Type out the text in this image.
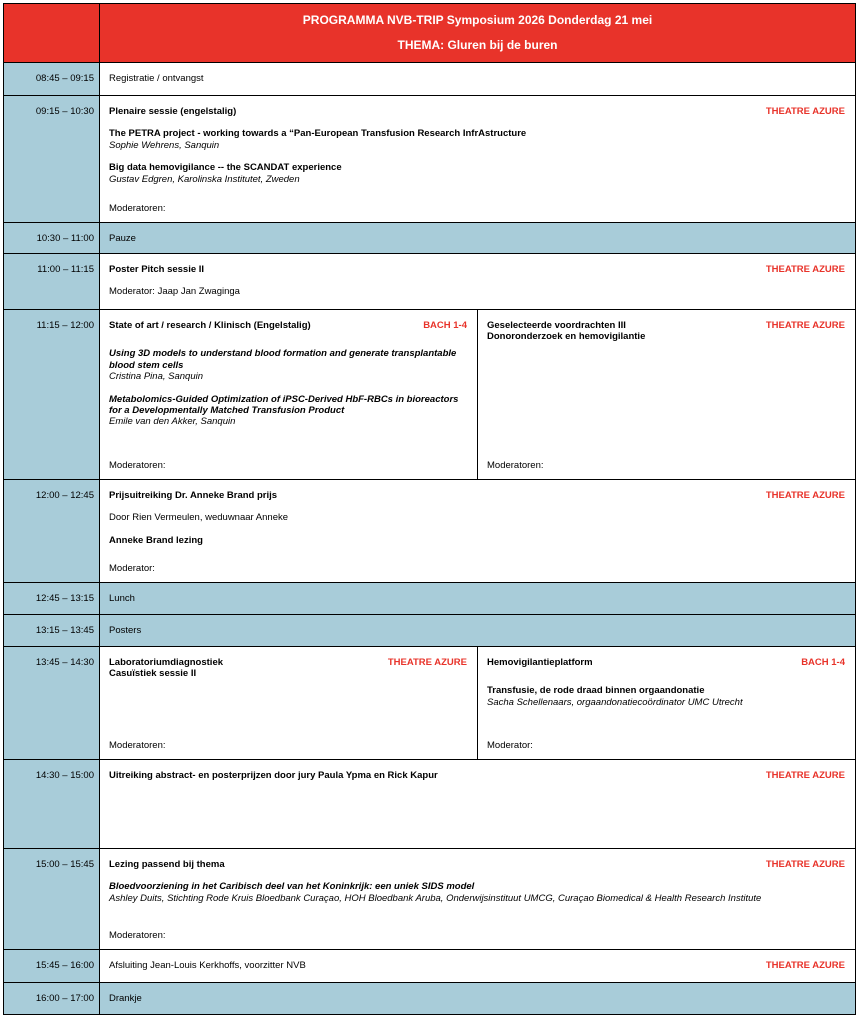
PROGRAMMA NVB-TRIP Symposium 2026 Donderdag 21 mei
THEMA: Gluren bij de buren
08:45 – 09:15	Registratie / ontvangst
09:15 – 10:30	Plenaire sessie (engelstalig)	THEATRE AZURE
The PETRA project - working towards a “Pan-European Transfusion Research InfrAstructure
Sophie Wehrens, Sanquin
Big data hemovigilance -- the SCANDAT experience
Gustav Edgren, Karolinska Institutet, Zweden
Moderatoren:
10:30 – 11:00	Pauze
11:00 – 11:15	Poster Pitch sessie II	THEATRE AZURE
Moderator: Jaap Jan Zwaginga
11:15 – 12:00	State of art / research / Klinisch (Engelstalig)	BACH 1-4
Using 3D models to understand blood formation and generate transplantable blood stem cells
Cristina Pina, Sanquin
Metabolomics-Guided Optimization of iPSC-Derived HbF-RBCs in bioreactors for a Developmentally Matched Transfusion Product
Emile van den Akker, Sanquin
Moderatoren:
Geselecteerde voordrachten III
Donoronderzoek en hemovigilantie
THEATRE AZURE
Moderatoren:
12:00 – 12:45	Prijsuitreiking Dr. Anneke Brand prijs	THEATRE AZURE
Door Rien Vermeulen, weduwnaar Anneke
Anneke Brand lezing
Moderator:
12:45 – 13:15	Lunch
13:15 – 13:45	Posters
13:45 – 14:30	Laboratoriumdiagnostiek
Casuïstiek sessie II
THEATRE AZURE
Moderatoren:
Hemovigilantieplatform	BACH 1-4
Transfusie, de rode draad binnen orgaandonatie
Sacha Schellenaars, orgaandonatiecoördinator UMC Utrecht
Moderator:
14:30 – 15:00	Uitreiking abstract- en posterprijzen door jury Paula Ypma en Rick Kapur	THEATRE AZURE
15:00 – 15:45	Lezing passend bij thema	THEATRE AZURE
Bloedvoorziening in het Caribisch deel van het Koninkrijk: een uniek SIDS model
Ashley Duits, Stichting Rode Kruis Bloedbank Curaçao, HOH Bloedbank Aruba, Onderwijsinstituut UMCG, Curaçao Biomedical & Health Research Institute
Moderatoren:
15:45 – 16:00	Afsluiting Jean-Louis Kerkhoffs, voorzitter NVB	THEATRE AZURE
16:00 – 17:00	Drankje
